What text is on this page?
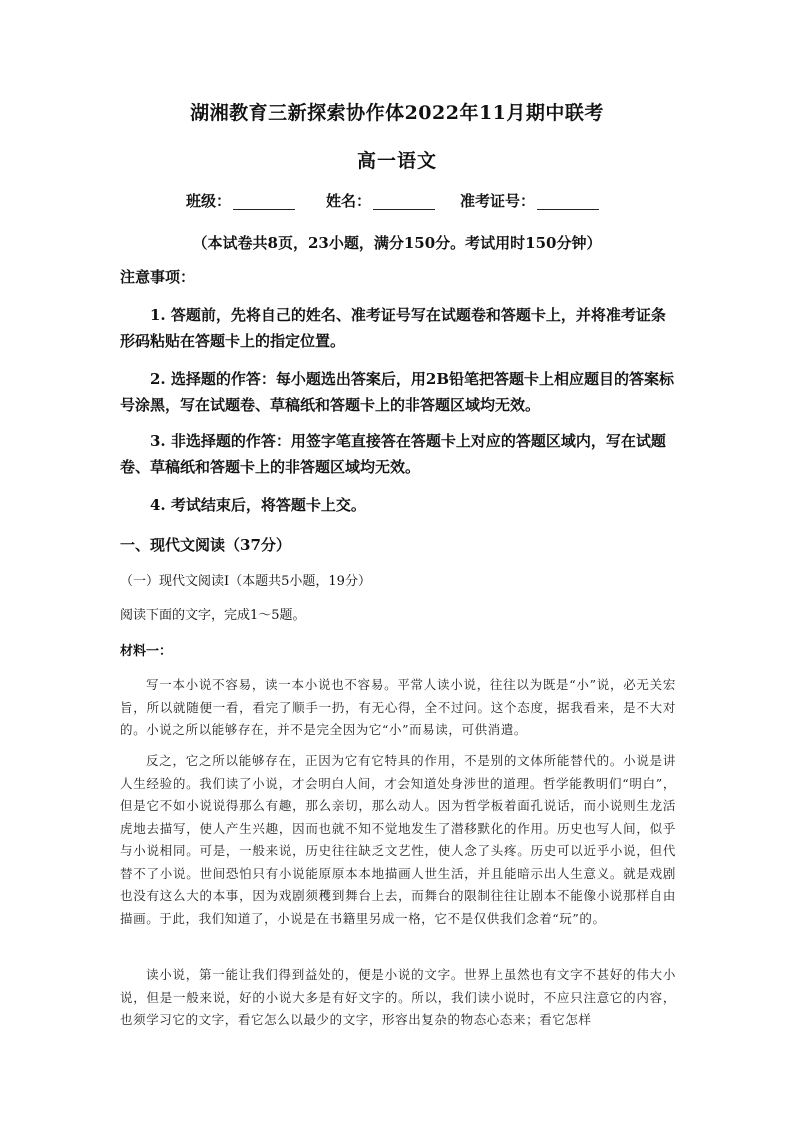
湖湘教育三新探索协作体2022年11月期中联考
高一语文
班级：	姓名：	准考证号：
（本试卷共8页，23小题，满分150分。考试用时150分钟）
注意事项：
1. 答题前，先将自己的姓名、准考证号写在试题卷和答题卡上，并将准考证条形码粘贴在答题卡上的指定位置。
2. 选择题的作答：每小题选出答案后，用2B铅笔把答题卡上相应题目的答案标号涂黑，写在试题卷、草稿纸和答题卡上的非答题区域均无效。
3. 非选择题的作答：用签字笔直接答在答题卡上对应的答题区域内，写在试题卷、草稿纸和答题卡上的非答题区域均无效。
4. 考试结束后，将答题卡上交。
一、现代文阅读（37分）
（一）现代文阅读Ⅰ（本题共5小题，19分）
阅读下面的文字，完成1～5题。
材料一：
写一本小说不容易，读一本小说也不容易。平常人读小说，往往以为既是“小”说，必无关宏旨，所以就随便一看，看完了顺手一扔，有无心得，全不过问。这个态度，据我看来，是不大对的。小说之所以能够存在，并不是完全因为它“小”而易读，可供消遣。
反之，它之所以能够存在，正因为它有它特具的作用，不是别的文体所能替代的。小说是讲人生经验的。我们读了小说，才会明白人间，才会知道处身涉世的道理。哲学能教明们“明白”，但是它不如小说说得那么有趣，那么亲切，那么动人。因为哲学板着面孔说话，而小说则生龙活虎地去描写，使人产生兴趣，因而也就不知不觉地发生了潜移默化的作用。历史也写人间，似乎与小说相同。可是，一般来说，历史往往缺乏文艺性，使人念了头疼。历史可以近乎小说，但代替不了小说。世间恐怕只有小说能原原本本地描画人世生活，并且能暗示出人生意义。就是戏剧也没有这么大的本事，因为戏剧须穫到舞台上去，而舞台的限制往往让剧本不能像小说那样自由描画。于此，我们知道了，小说是在书籍里另成一格，它不是仅供我们念着“玩”的。
读小说，第一能让我们得到益处的，便是小说的文字。世界上虽然也有文字不甚好的伟大小说，但是一般来说，好的小说大多是有好文字的。所以，我们读小说时，不应只注意它的内容，也须学习它的文字，看它怎么以最少的文字，形容出复杂的物态心态来；看它怎样
